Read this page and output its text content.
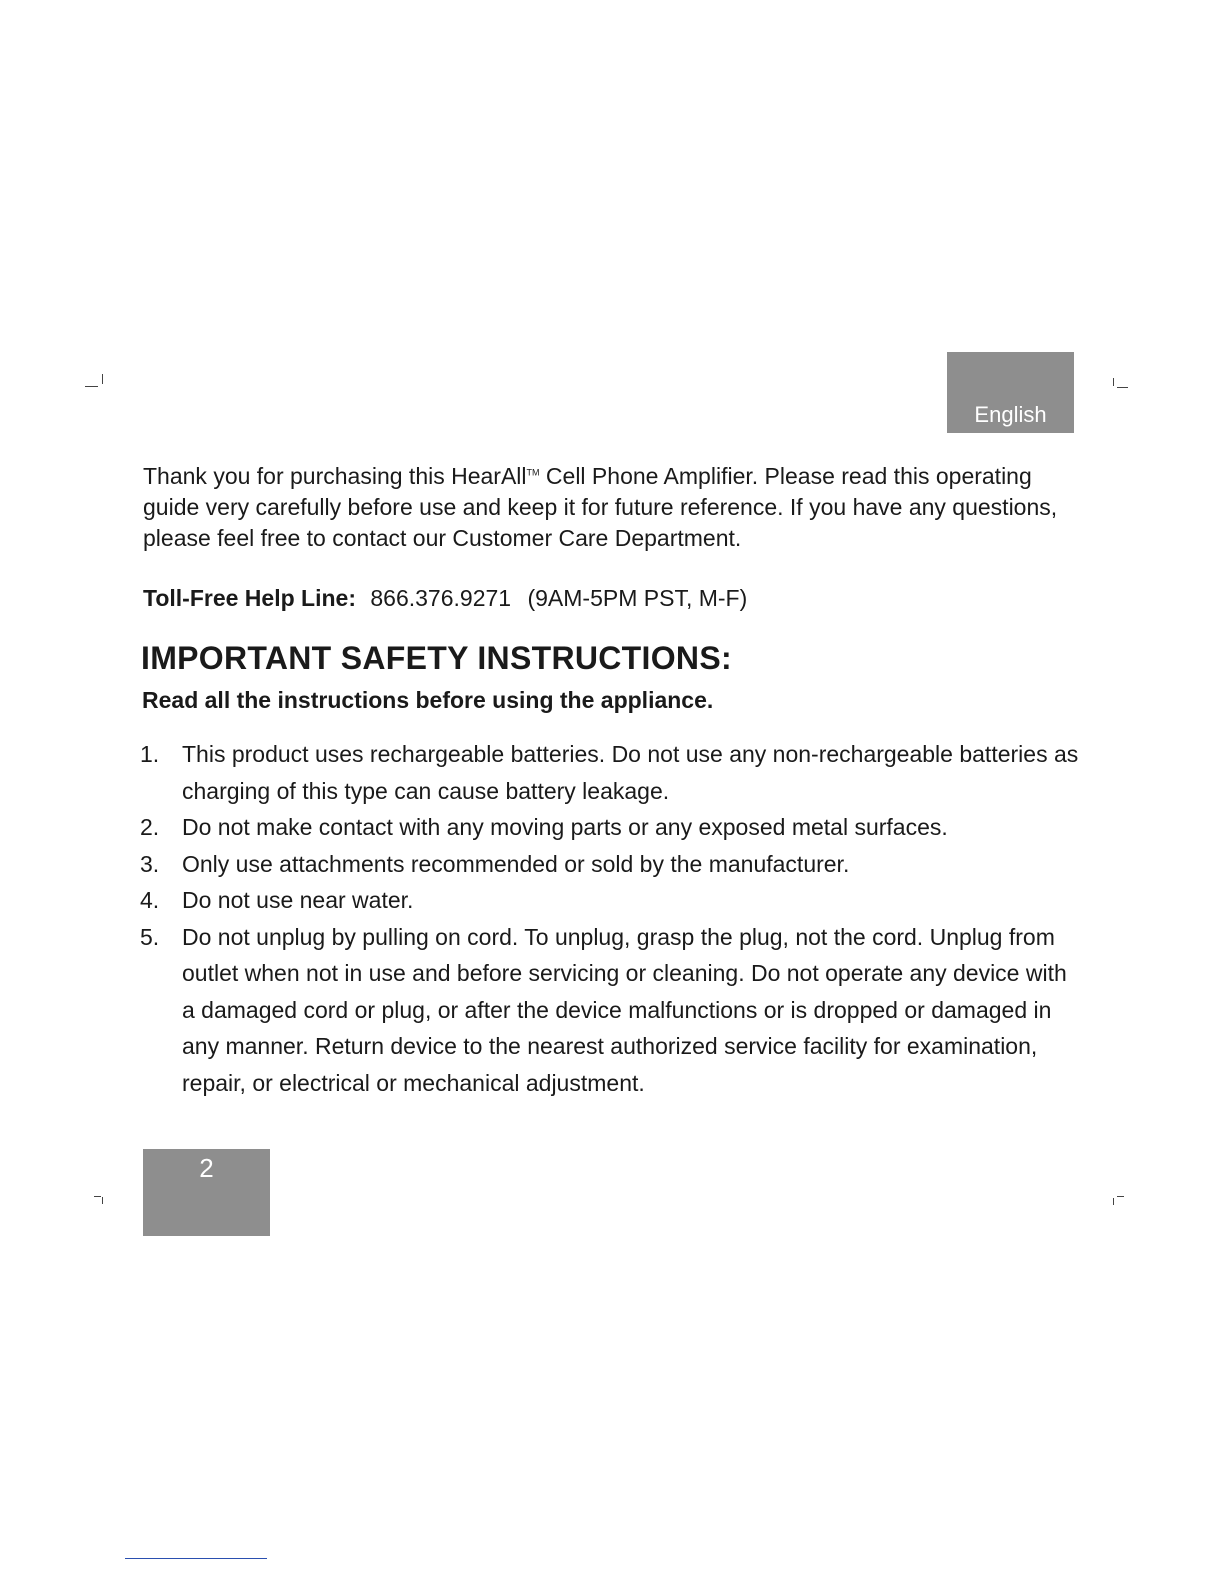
English

Thank you for purchasing this HearAll™ Cell Phone Amplifier. Please read this operating guide very carefully before use and keep it for future reference. If you have any questions, please feel free to contact our Customer Care Department.

Toll-Free Help Line: 866.376.9271 (9AM-5PM PST, M-F)
IMPORTANT SAFETY INSTRUCTIONS:
Read all the instructions before using the appliance.
1. This product uses rechargeable batteries. Do not use any non-rechargeable batteries as charging of this type can cause battery leakage.
2. Do not make contact with any moving parts or any exposed metal surfaces.
3. Only use attachments recommended or sold by the manufacturer.
4. Do not use near water.
5. Do not unplug by pulling on cord. To unplug, grasp the plug, not the cord. Unplug from outlet when not in use and before servicing or cleaning. Do not operate any device with a damaged cord or plug, or after the device malfunctions or is dropped or damaged in any manner. Return device to the nearest authorized service facility for examination, repair, or electrical or mechanical adjustment.
2
